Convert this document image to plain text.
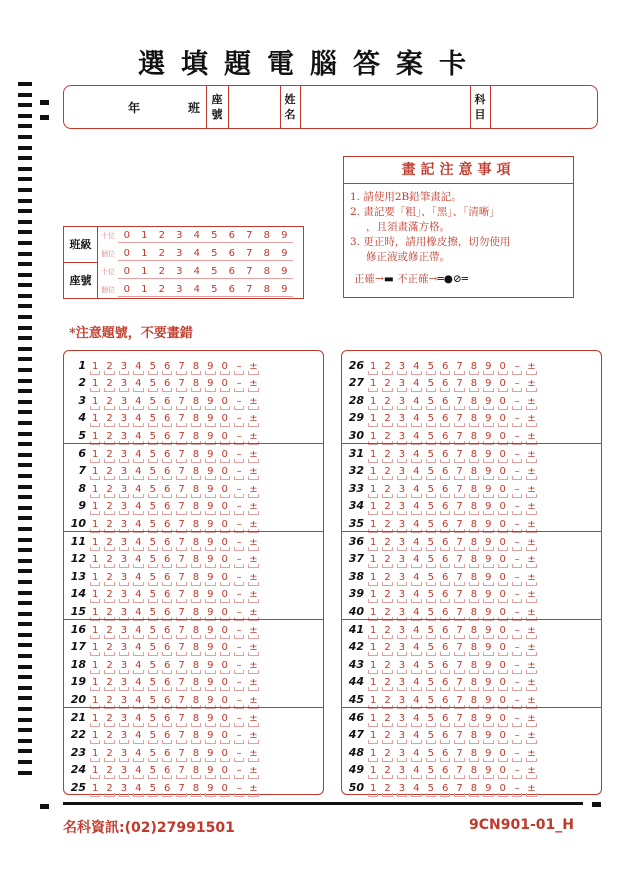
選填題電腦答案卡
年	班
座
號
姓
名
科
目
畫記注意事項
1. 請使用2B鉛筆畫記。
2. 畫記要「粗」、「黑」、「清晰」
，且須畫滿方格。
3. 更正時，請用橡皮擦，切勿使用
修正液或修正帶。
正確→▬ 不正確→═●⊘═
班級
座號
十位 0	1	2	3	4	5	6	7	8	9
個位 0	1	2	3	4	5	6	7	8	9
十位 0	1	2	3	4	5	6	7	8	9
個位 0	1	2	3	4	5	6	7	8	9
*注意題號，不要畫錯
1 1 2 3 4 5 6 7 8 9 0 – ±
2 1 2 3 4 5 6 7 8 9 0 – ±
3 1 2 3 4 5 6 7 8 9 0 – ±
4 1 2 3 4 5 6 7 8 9 0 – ±
5 1 2 3 4 5 6 7 8 9 0 – ±
6 1 2 3 4 5 6 7 8 9 0 – ±
7 1 2 3 4 5 6 7 8 9 0 – ±
8 1 2 3 4 5 6 7 8 9 0 – ±
9 1 2 3 4 5 6 7 8 9 0 – ±
10 1 2 3 4 5 6 7 8 9 0 – ±
11 1 2 3 4 5 6 7 8 9 0 – ±
12 1 2 3 4 5 6 7 8 9 0 – ±
13 1 2 3 4 5 6 7 8 9 0 – ±
14 1 2 3 4 5 6 7 8 9 0 – ±
15 1 2 3 4 5 6 7 8 9 0 – ±
16 1 2 3 4 5 6 7 8 9 0 – ±
17 1 2 3 4 5 6 7 8 9 0 – ±
18 1 2 3 4 5 6 7 8 9 0 – ±
19 1 2 3 4 5 6 7 8 9 0 – ±
20 1 2 3 4 5 6 7 8 9 0 – ±
21 1 2 3 4 5 6 7 8 9 0 – ±
22 1 2 3 4 5 6 7 8 9 0 – ±
23 1 2 3 4 5 6 7 8 9 0 – ±
24 1 2 3 4 5 6 7 8 9 0 – ±
25 1 2 3 4 5 6 7 8 9 0 – ±
26 1 2 3 4 5 6 7 8 9 0 – ±
27 1 2 3 4 5 6 7 8 9 0 – ±
28 1 2 3 4 5 6 7 8 9 0 – ±
29 1 2 3 4 5 6 7 8 9 0 – ±
30 1 2 3 4 5 6 7 8 9 0 – ±
31 1 2 3 4 5 6 7 8 9 0 – ±
32 1 2 3 4 5 6 7 8 9 0 – ±
33 1 2 3 4 5 6 7 8 9 0 – ±
34 1 2 3 4 5 6 7 8 9 0 – ±
35 1 2 3 4 5 6 7 8 9 0 – ±
36 1 2 3 4 5 6 7 8 9 0 – ±
37 1 2 3 4 5 6 7 8 9 0 – ±
38 1 2 3 4 5 6 7 8 9 0 – ±
39 1 2 3 4 5 6 7 8 9 0 – ±
40 1 2 3 4 5 6 7 8 9 0 – ±
41 1 2 3 4 5 6 7 8 9 0 – ±
42 1 2 3 4 5 6 7 8 9 0 – ±
43 1 2 3 4 5 6 7 8 9 0 – ±
44 1 2 3 4 5 6 7 8 9 0 – ±
45 1 2 3 4 5 6 7 8 9 0 – ±
46 1 2 3 4 5 6 7 8 9 0 – ±
47 1 2 3 4 5 6 7 8 9 0 – ±
48 1 2 3 4 5 6 7 8 9 0 – ±
49 1 2 3 4 5 6 7 8 9 0 – ±
50 1 2 3 4 5 6 7 8 9 0 – ±
名科資訊:(02)27991501	9CN901-01_H
